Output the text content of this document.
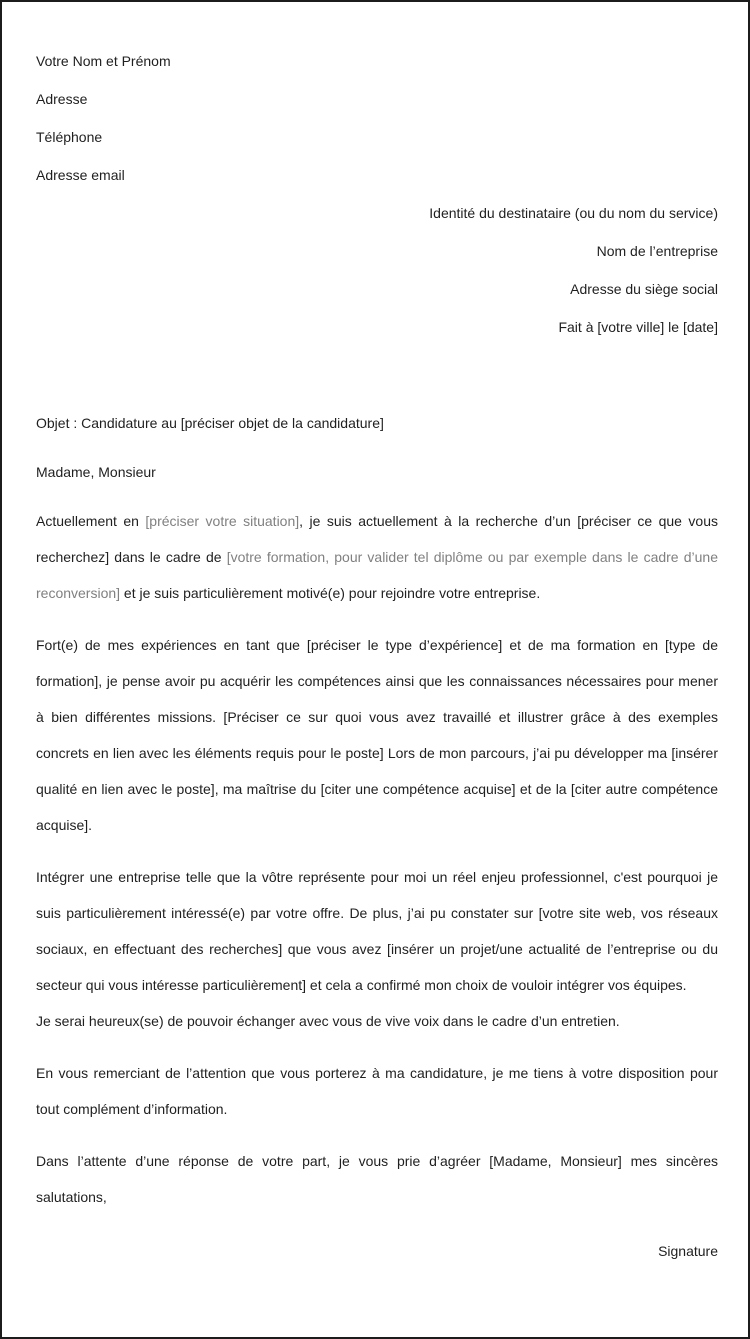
Votre Nom et Prénom
Adresse
Téléphone
Adresse email
Identité du destinataire (ou du nom du service)
Nom de l’entreprise
Adresse du siège social
Fait à [votre ville] le [date]
Objet : Candidature au [préciser objet de la candidature]
Madame, Monsieur

Actuellement en [préciser votre situation], je suis actuellement à la recherche d’un [préciser ce que vous recherchez] dans le cadre de [votre formation, pour valider tel diplôme ou par exemple dans le cadre d’une reconversion] et je suis particulièrement motivé(e) pour rejoindre votre entreprise.

Fort(e) de mes expériences en tant que [préciser le type d’expérience] et de ma formation en [type de formation], je pense avoir pu acquérir les compétences ainsi que les connaissances nécessaires pour mener à bien différentes missions. [Préciser ce sur quoi vous avez travaillé et illustrer grâce à des exemples concrets en lien avec les éléments requis pour le poste] Lors de mon parcours, j’ai pu développer ma [insérer qualité en lien avec le poste], ma maîtrise du [citer une compétence acquise] et de la [citer autre compétence acquise].

Intégrer une entreprise telle que la vôtre représente pour moi un réel enjeu professionnel, c'est pourquoi je suis particulièrement intéressé(e) par votre offre. De plus, j’ai pu constater sur [votre site web, vos réseaux sociaux, en effectuant des recherches] que vous avez [insérer un projet/une actualité de l’entreprise ou du secteur qui vous intéresse particulièrement] et cela a confirmé mon choix de vouloir intégrer vos équipes.

Je serai heureux(se) de pouvoir échanger avec vous de vive voix dans le cadre d’un entretien.

En vous remerciant de l’attention que vous porterez à ma candidature, je me tiens à votre disposition pour tout complément d’information.

Dans l’attente d’une réponse de votre part, je vous prie d’agréer [Madame, Monsieur] mes sincères salutations,

Signature
